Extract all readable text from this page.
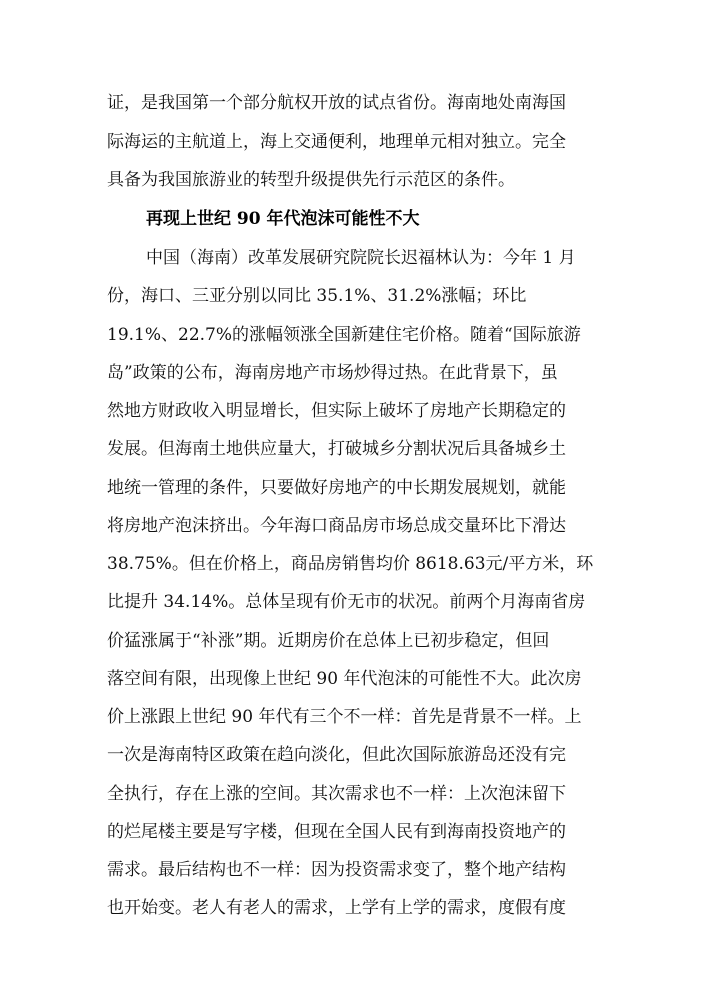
证，是我国第一个部分航权开放的试点省份。海南地处南海国
际海运的主航道上，海上交通便利，地理单元相对独立。完全
具备为我国旅游业的转型升级提供先行示范区的条件。
再现上世纪 90 年代泡沫可能性不大
中国（海南）改革发展研究院院长迟福林认为：今年 1 月
份，海口、三亚分别以同比 35.1%、31.2%涨幅；环比
19.1%、22.7%的涨幅领涨全国新建住宅价格。随着“国际旅游
岛”政策的公布，海南房地产市场炒得过热。在此背景下，虽
然地方财政收入明显增长，但实际上破坏了房地产长期稳定的
发展。但海南土地供应量大，打破城乡分割状况后具备城乡土
地统一管理的条件，只要做好房地产的中长期发展规划，就能
将房地产泡沫挤出。今年海口商品房市场总成交量环比下滑达
38.75%。但在价格上，商品房销售均价 8618.63元/平方米，环
比提升 34.14%。总体呈现有价无市的状况。前两个月海南省房
价猛涨属于“补涨”期。近期房价在总体上已初步稳定，但回
落空间有限，出现像上世纪 90 年代泡沫的可能性不大。此次房
价上涨跟上世纪 90 年代有三个不一样：首先是背景不一样。上
一次是海南特区政策在趋向淡化，但此次国际旅游岛还没有完
全执行，存在上涨的空间。其次需求也不一样：上次泡沫留下
的烂尾楼主要是写字楼，但现在全国人民有到海南投资地产的
需求。最后结构也不一样：因为投资需求变了，整个地产结构
也开始变。老人有老人的需求，上学有上学的需求，度假有度
